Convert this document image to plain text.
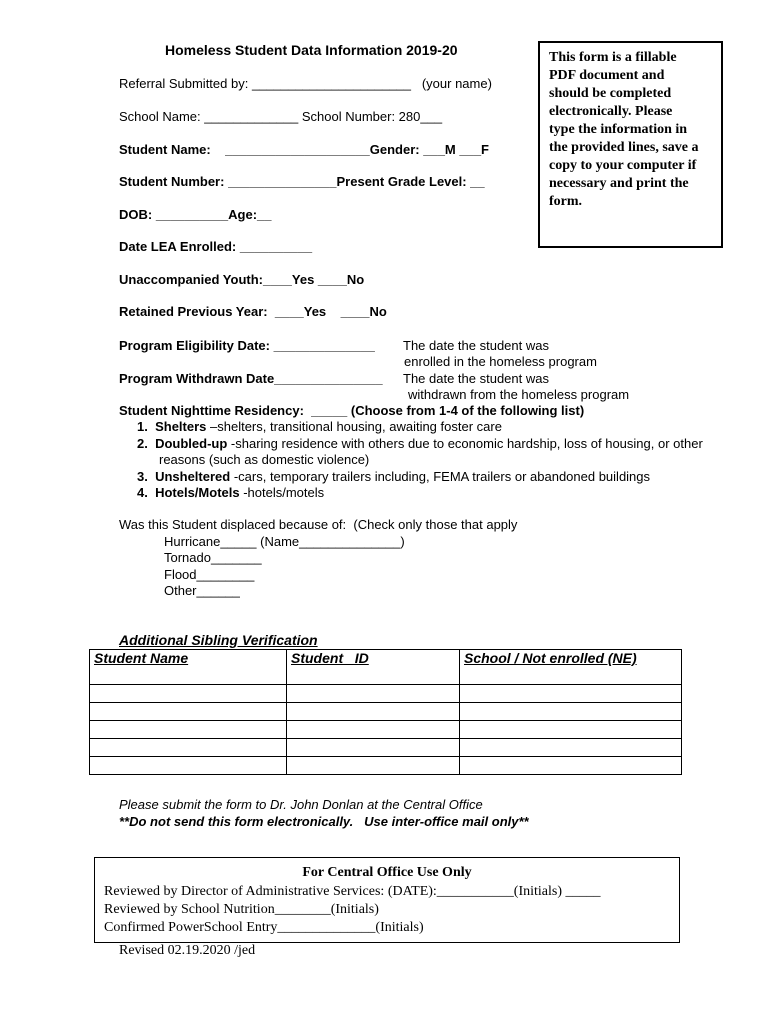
Homeless Student Data Information 2019-20
Referral Submitted by: ______________________   (your name)
School Name: _____________ School Number: 280___
Student Name:    ____________________Gender: ___M ___F
Student Number: _______________Present Grade Level: __
DOB: __________Age:__
Date LEA Enrolled: __________
Unaccompanied Youth:____Yes ____No
Retained Previous Year:  ____Yes    ____No
Program Eligibility Date: ______________ The date the student was
enrolled in the homeless program
Program Withdrawn Date_______________ The date the student was
withdrawn from the homeless program
Student Nighttime Residency:  _____ (Choose from 1-4 of the following list)
1. Shelters –shelters, transitional housing, awaiting foster care
2. Doubled-up -sharing residence with others due to economic hardship, loss of housing, or other
reasons (such as domestic violence)
3. Unsheltered -cars, temporary trailers including, FEMA trailers or abandoned buildings
4. Hotels/Motels -hotels/motels
Was this Student displaced because of:  (Check only those that apply
Hurricane_____ (Name______________)
Tornado_______
Flood________
Other______
This form is a fillable
PDF document and
should be completed
electronically. Please
type the information in
the provided lines, save a
copy to your computer if
necessary and print the
form.
Additional Sibling Verification
Student Name	Student _ID	School / Not enrolled (NE)

Please submit the form to Dr. John Donlan at the Central Office
**Do not send this form electronically.   Use inter-office mail only**
For Central Office Use Only
Reviewed by Director of Administrative Services: (DATE):___________(Initials) _____
Reviewed by School Nutrition________(Initials)
Confirmed PowerSchool Entry______________(Initials)
Revised 02.19.2020 /jed
